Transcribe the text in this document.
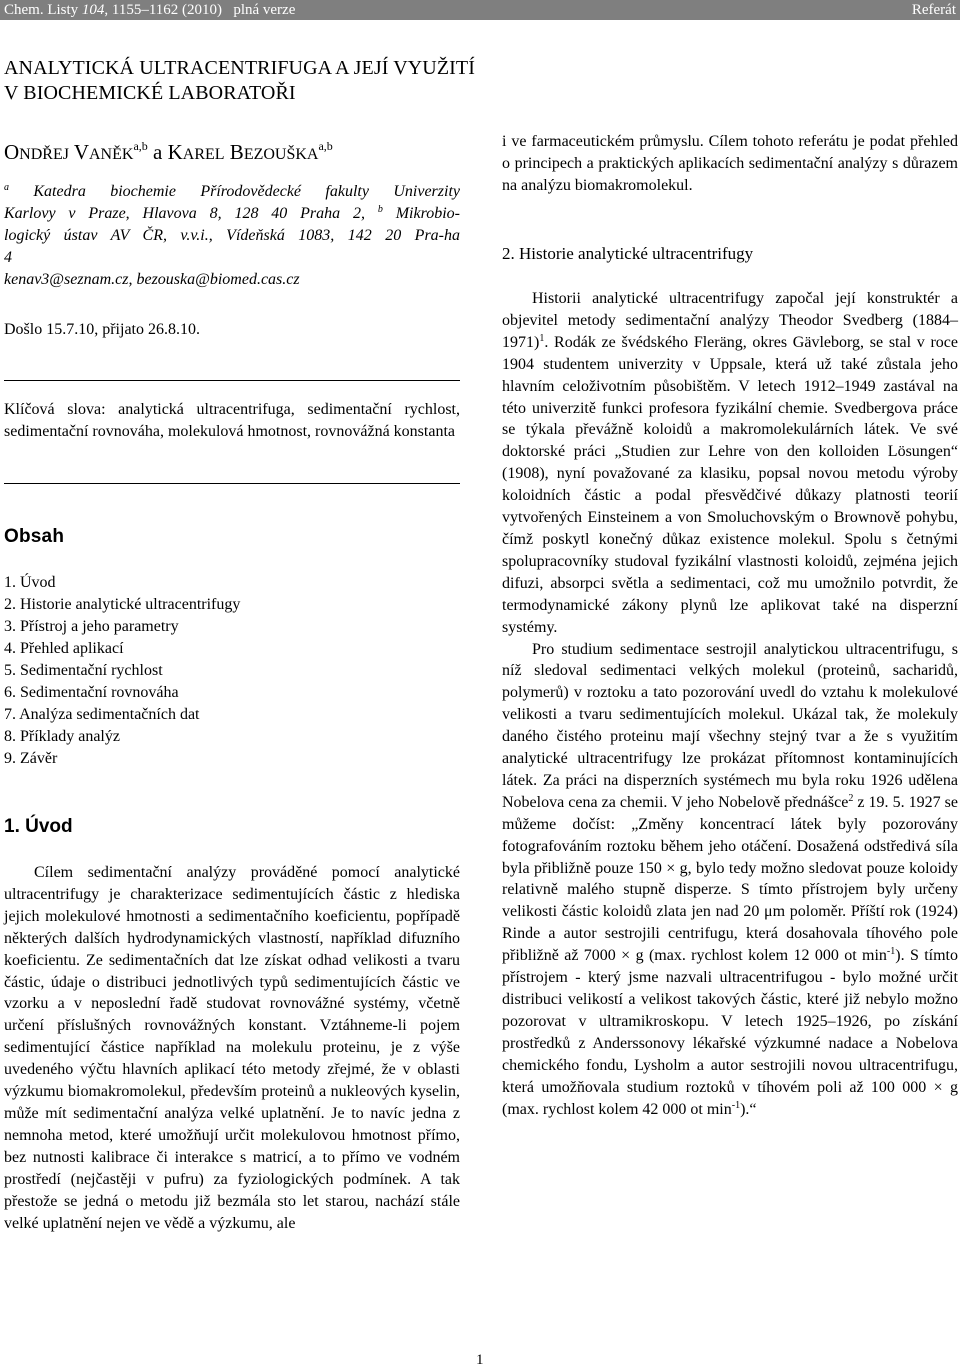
Chem. Listy 104, 1155–1162 (2010)   plná verze	Referát
ANALYTICKÁ ULTRACENTRIFUGA A JEJÍ VYUŽITÍ
V BIOCHEMICKÉ LABORATOŘI
ONDŘEJ VANĚK$^{a,b}$ a KAREL BEZOUŠKA$^{a,b}$

$^a$ Katedra biochemie Přírodovědecké fakulty Univerzity

Karlovy v Praze, Hlavova 8, 128 40 Praha 2, $^b$ Mikrobio-

logický ústav AV ČR, v.v.i., Vídeňská 1083, 142 20 Pra-ha

4

kenav3@seznam.cz, bezouska@biomed.cas.cz

Došlo 15.7.10, přijato 26.8.10.
Klíčová slova: analytická ultracentrifuga, sedimentační rychlost, sedimentační rovnováha, molekulová hmotnost, rovnovážná konstanta
Obsah
1. Úvod
2. Historie analytické ultracentrifugy
3. Přístroj a jeho parametry
4. Přehled aplikací
5. Sedimentační rychlost
6. Sedimentační rovnováha
7. Analýza sedimentačních dat
8. Příklady analýz
9. Závěr
1. Úvod

Cílem sedimentační analýzy prováděné pomocí analytické ultracentrifugy je charakterizace sedimentujících částic z hlediska jejich molekulové hmotnosti a sedimentačního koeficientu, popřípadě některých dalších hydrodynamických vlastností, například difuzního koeficientu. Ze sedimentačních dat lze získat odhad velikosti a tvaru částic, údaje o distribuci jednotlivých typů sedimentujících částic ve vzorku a v neposlední řadě studovat rovnovážné systémy, včetně určení příslušných rovnovážných konstant. Vztáhneme-li pojem sedimentující částice například na molekulu proteinu, je z výše uvedeného výčtu hlavních aplikací této metody zřejmé, že v oblasti výzkumu biomakromolekul, především proteinů a nukleových kyselin, může mít sedimentační analýza velké uplatnění. Je to navíc jedna z nemnoha metod, které umožňují určit molekulovou hmotnost přímo, bez nutnosti kalibrace či interakce s matricí, a to přímo ve vodném prostředí (nejčastěji v pufru) za fyziologických podmínek. A tak přestože se jedná o metodu již bezmála sto let starou, nachází stále velké uplatnění nejen ve vědě a výzkumu, ale

i ve farmaceutickém průmyslu. Cílem tohoto referátu je podat přehled o principech a praktických aplikacích sedimentační analýzy s důrazem na analýzu biomakromolekul.

2. Historie analytické ultracentrifugy

Historii analytické ultracentrifugy započal její konstruktér a objevitel metody sedimentační analýzy Theodor Svedberg (1884–1971)$^1$. Rodák ze švédského Fleräng, okres Gävleborg, se stal v roce 1904 studentem univerzity v Uppsale, která už také zůstala jeho hlavním celoživotním působištěm. V letech 1912–1949 zastával na této univerzitě funkci profesora fyzikální chemie. Svedbergova práce se týkala převážně koloidů a makromolekulárních látek. Ve své doktorské práci „Studien zur Lehre von den kolloiden Lösungen“ (1908), nyní považované za klasiku, popsal novou metodu výroby koloidních částic a podal přesvědčivé důkazy platnosti teorií vytvořených Einsteinem a von Smoluchovským o Brownově pohybu, čímž poskytl konečný důkaz existence molekul. Spolu s četnými spolupracovníky studoval fyzikální vlastnosti koloidů, zejména jejich difuzi, absorpci světla a sedimentaci, což mu umožnilo potvrdit, že termodynamické zákony plynů lze aplikovat také na disperzní systémy.

Pro studium sedimentace sestrojil analytickou ultracentrifugu, s níž sledoval sedimentaci velkých molekul (proteinů, sacharidů, polymerů) v roztoku a tato pozorování uvedl do vztahu k molekulové velikosti a tvaru sedimentujících molekul. Ukázal tak, že molekuly daného čistého proteinu mají všechny stejný tvar a že s využitím analytické ultracentrifugy lze prokázat přítomnost kontaminujících látek. Za práci na disperzních systémech mu byla roku 1926 udělena Nobelova cena za chemii. V jeho Nobelově přednášce$^2$ z 19. 5. 1927 se můžeme dočíst: „Změny koncentrací látek byly pozorovány fotografováním roztoku během jeho otáčení. Dosažená odstředivá síla byla přibližně pouze 150 × g, bylo tedy možno sledovat pouze koloidy relativně malého stupně disperze. S tímto přístrojem byly určeny velikosti částic koloidů zlata jen nad 20 μm poloměr. Příští rok (1924) Rinde a autor sestrojili centrifugu, která dosahovala tíhového pole přibližně až 7000 × g (max. rychlost kolem 12 000 ot $\min^{-1}$). S tímto přístrojem - který jsme nazvali ultracentrifugou - bylo možné určit distribuci velikostí a velikost takových částic, které již nebylo možno pozorovat v ultramikroskopu. V letech 1925–1926, po získání prostředků z Anderssonovy lékařské výzkumné nadace a Nobelova chemického fondu, Lysholm a autor sestrojili novou ultracentrifugu, která umožňovala studium roztoků v tíhovém poli až 100 000 × g (max. rychlost kolem 42 000 ot $\min^{-1}).“$

1
